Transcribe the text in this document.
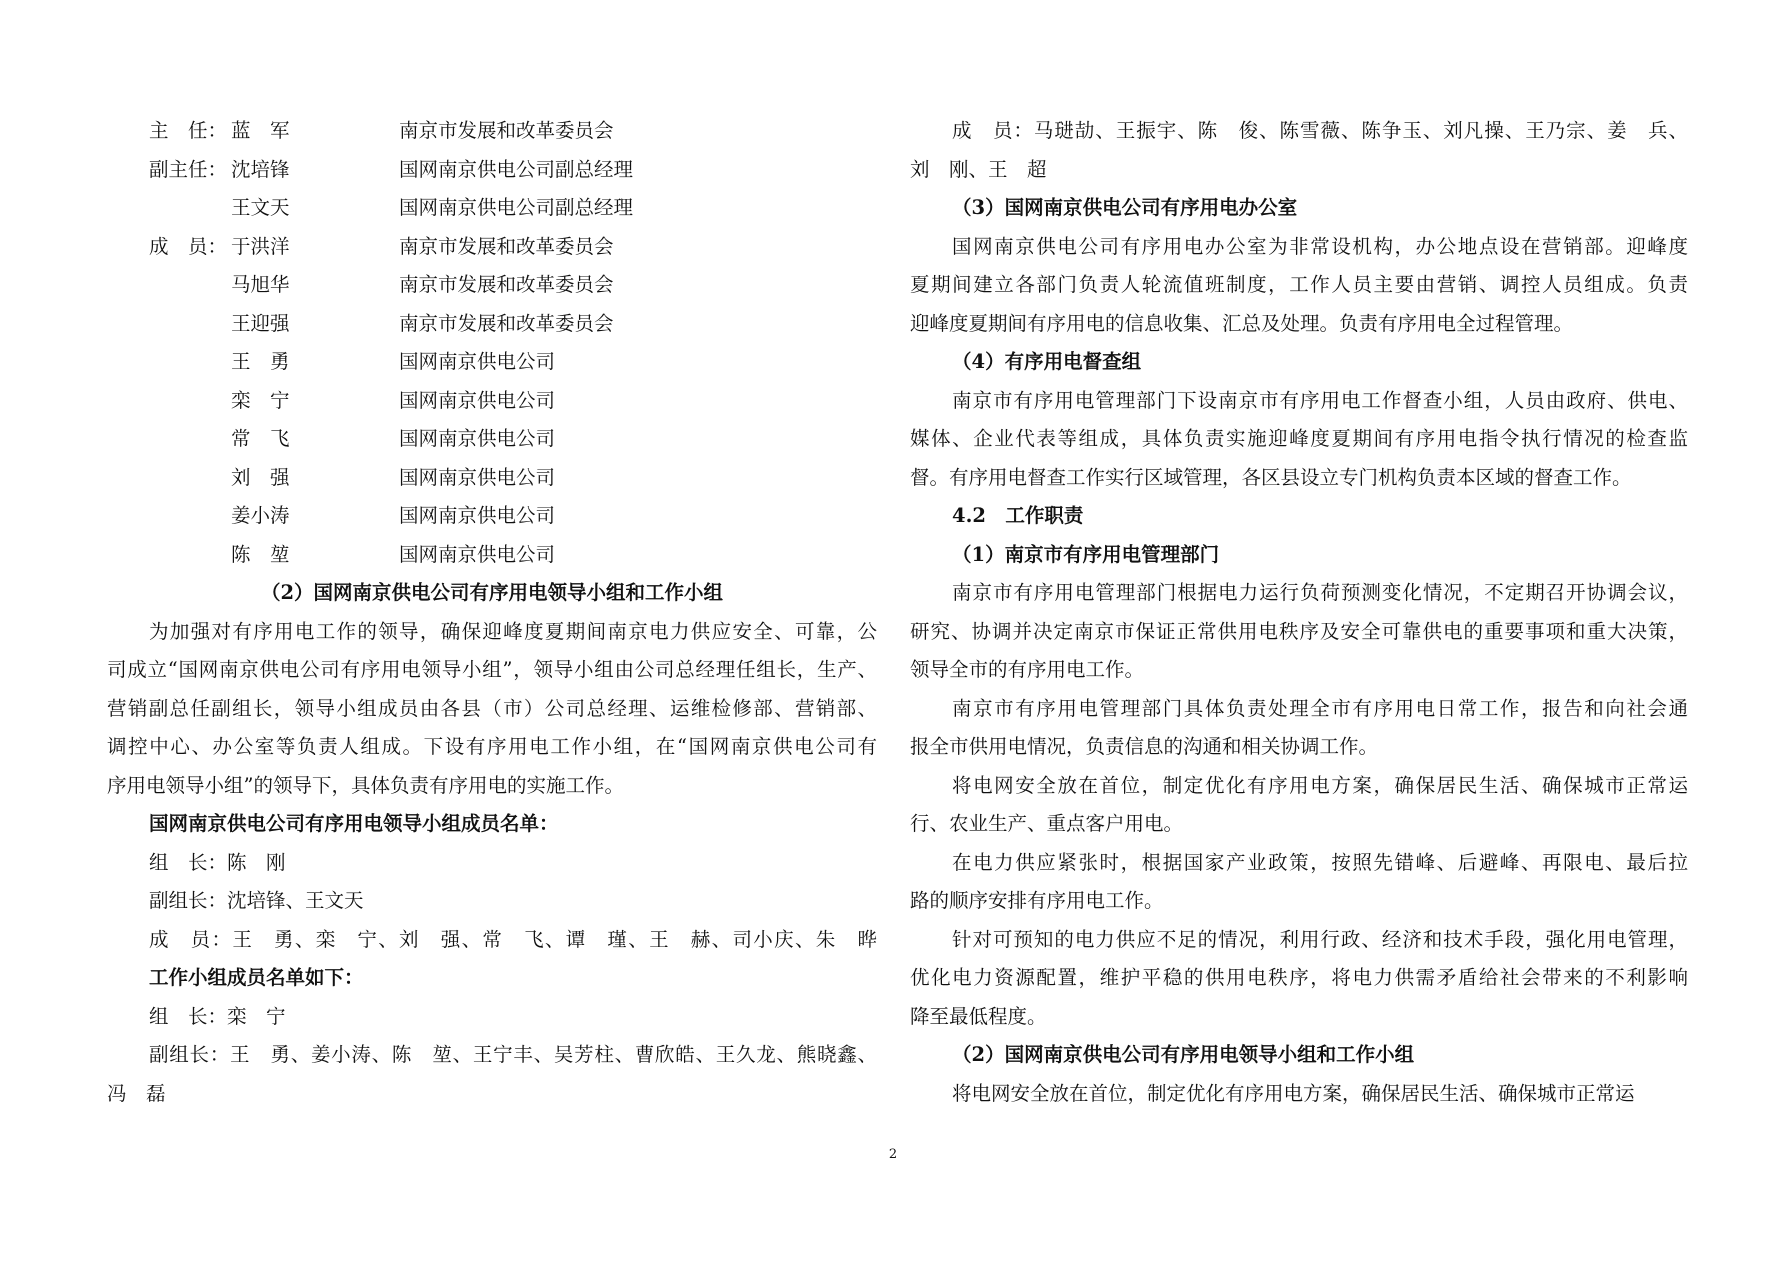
主　任： 蓝　军	南京市发展和改革委员会
副主任： 沈培锋	国网南京供电公司副总经理
王文天	国网南京供电公司副总经理
成　员： 于洪洋	南京市发展和改革委员会
马旭华	南京市发展和改革委员会
王迎强	南京市发展和改革委员会
王　勇	国网南京供电公司
栾　宁	国网南京供电公司
常　飞	国网南京供电公司
刘　强	国网南京供电公司
姜小涛	国网南京供电公司
陈　堃	国网南京供电公司
（2）国网南京供电公司有序用电领导小组和工作小组
为加强对有序用电工作的领导，确保迎峰度夏期间南京电力供应安全、可靠，公
司成立“国网南京供电公司有序用电领导小组”，领导小组由公司总经理任组长，生产、
营销副总任副组长，领导小组成员由各县（市）公司总经理、运维检修部、营销部、
调控中心、办公室等负责人组成。下设有序用电工作小组，在“国网南京供电公司有
序用电领导小组”的领导下，具体负责有序用电的实施工作。
国网南京供电公司有序用电领导小组成员名单：
组　长：陈　刚
副组长：沈培锋、王文天
成　员：王　勇、栾　宁、刘　强、常　飞、谭　瑾、王　赫、司小庆、朱　晔
工作小组成员名单如下：
组　长：栾　宁
副组长：王　勇、姜小涛、陈　堃、王宁丰、吴芳柱、曹欣皓、王久龙、熊晓鑫、
冯　磊
成　员：马琎劼、王振宇、陈　俊、陈雪薇、陈争玉、刘凡操、王乃宗、姜　兵、
刘　刚、王　超
（3）国网南京供电公司有序用电办公室
国网南京供电公司有序用电办公室为非常设机构，办公地点设在营销部。迎峰度
夏期间建立各部门负责人轮流值班制度，工作人员主要由营销、调控人员组成。负责
迎峰度夏期间有序用电的信息收集、汇总及处理。负责有序用电全过程管理。
（4）有序用电督查组
南京市有序用电管理部门下设南京市有序用电工作督查小组，人员由政府、供电、
媒体、企业代表等组成，具体负责实施迎峰度夏期间有序用电指令执行情况的检查监
督。有序用电督查工作实行区域管理，各区县设立专门机构负责本区域的督查工作。
4.2　工作职责
（1）南京市有序用电管理部门
南京市有序用电管理部门根据电力运行负荷预测变化情况，不定期召开协调会议，
研究、协调并决定南京市保证正常供用电秩序及安全可靠供电的重要事项和重大决策，
领导全市的有序用电工作。
南京市有序用电管理部门具体负责处理全市有序用电日常工作，报告和向社会通
报全市供用电情况，负责信息的沟通和相关协调工作。
将电网安全放在首位，制定优化有序用电方案，确保居民生活、确保城市正常运
行、农业生产、重点客户用电。
在电力供应紧张时，根据国家产业政策，按照先错峰、后避峰、再限电、最后拉
路的顺序安排有序用电工作。
针对可预知的电力供应不足的情况，利用行政、经济和技术手段，强化用电管理，
优化电力资源配置，维护平稳的供用电秩序，将电力供需矛盾给社会带来的不利影响
降至最低程度。
（2）国网南京供电公司有序用电领导小组和工作小组
将电网安全放在首位，制定优化有序用电方案，确保居民生活、确保城市正常运
2
